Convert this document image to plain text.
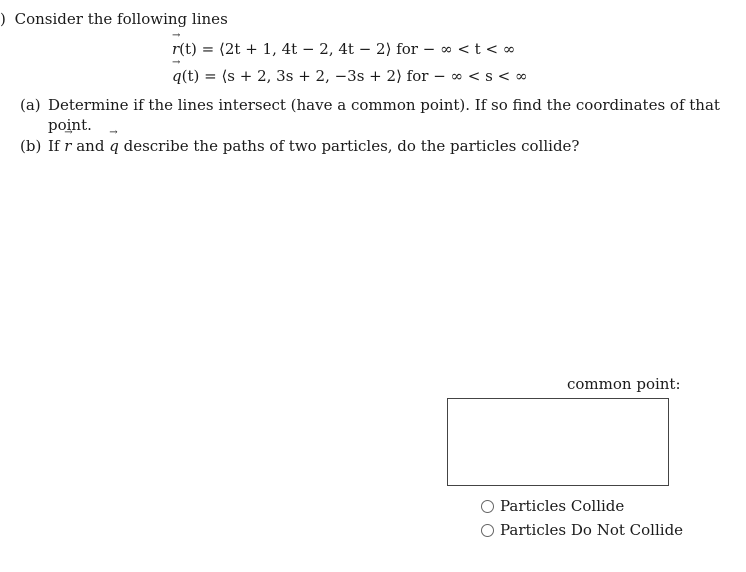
) Consider the following lines
→ r(t) = ⟨2t + 1, 4t − 2, 4t − 2⟩ for − ∞ < t < ∞
→ q(t) = ⟨s + 2, 3s + 2, −3s + 2⟩ for − ∞ < s < ∞
(a) Determine if the lines intersect (have a common point). If so find the coordinates of that
point.
(b) If → r and → q describe the paths of two particles, do the particles collide?
common point:
Particles Collide
Particles Do Not Collide
